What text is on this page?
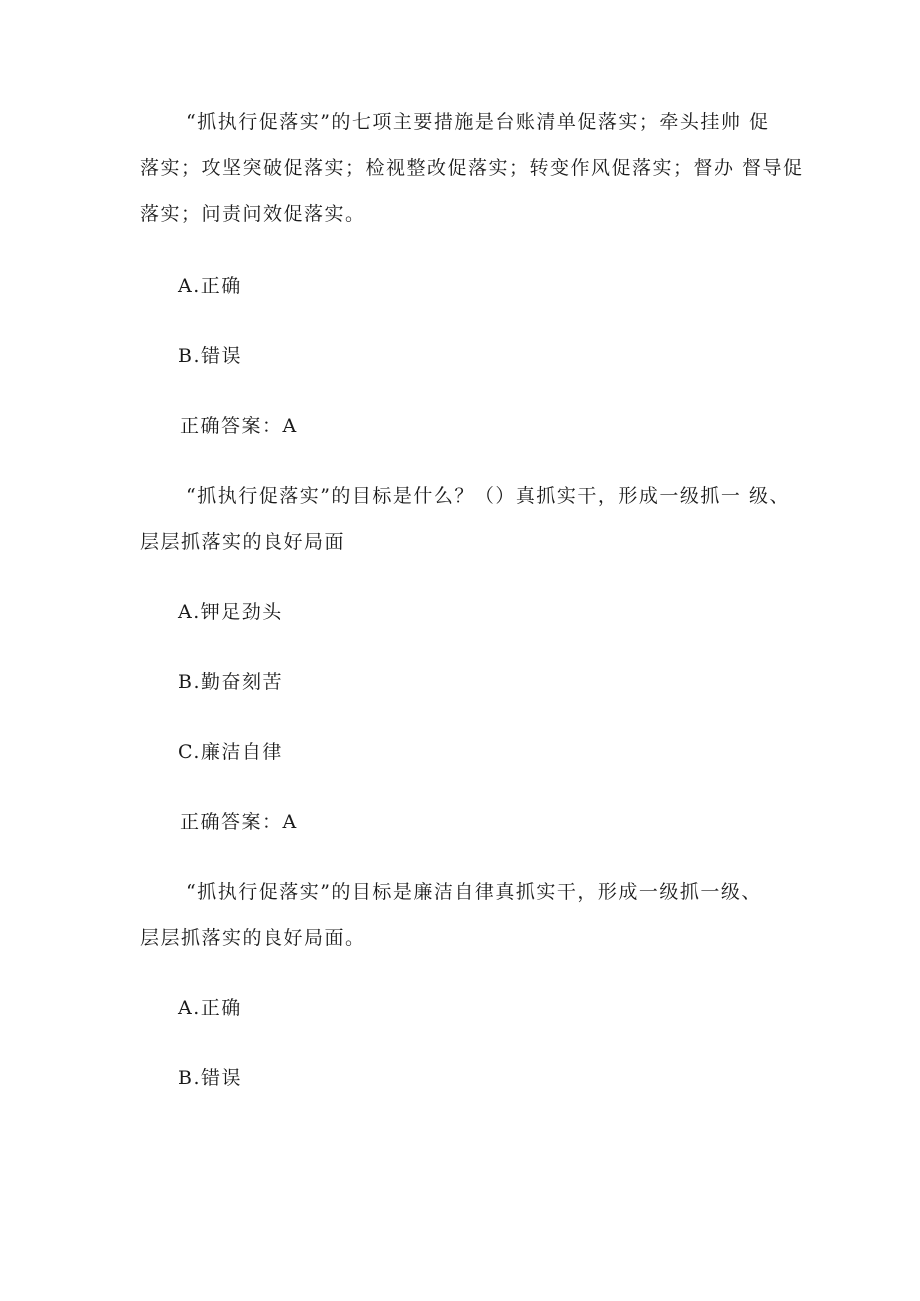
“抓执行促落实”的七项主要措施是台账清单促落实；牵头挂帅 促
落实；攻坚突破促落实；检视整改促落实；转变作风促落实；督办 督导促
落实；问责问效促落实。
A.正确
B.错误
正确答案：A
“抓执行促落实”的目标是什么？（）真抓实干，形成一级抓一 级、
层层抓落实的良好局面
A.钾足劲头
B.勤奋刻苦
C.廉洁自律
正确答案：A
“抓执行促落实”的目标是廉洁自律真抓实干，形成一级抓一级、
层层抓落实的良好局面。
A.正确
B.错误
